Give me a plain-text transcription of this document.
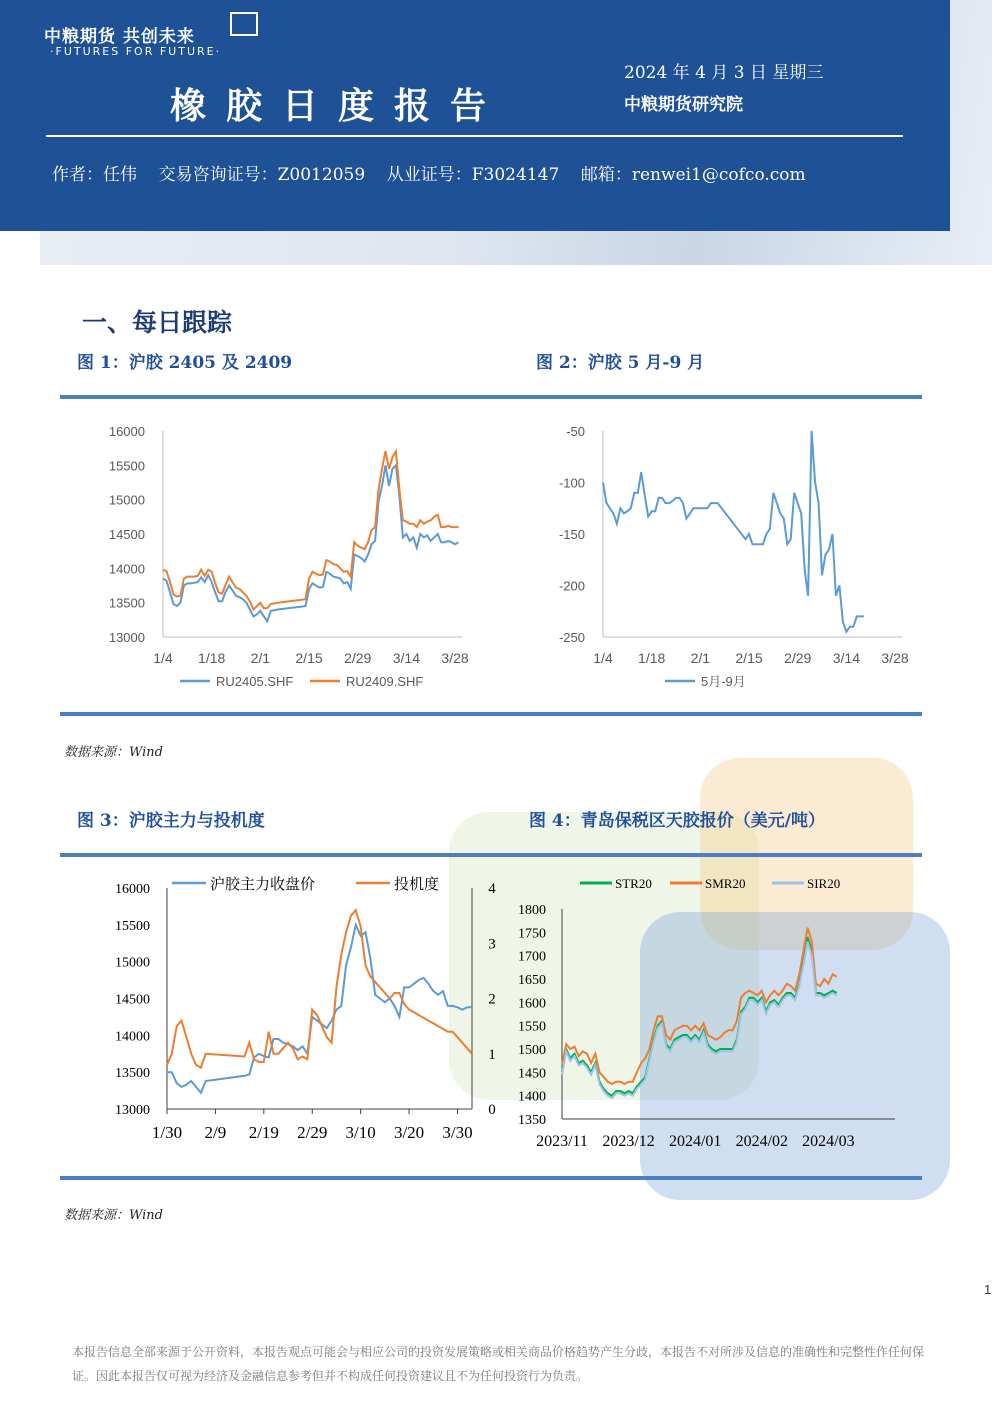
中粮期货 共创未来
·FUTURES FOR FUTURE·
橡胶日度报告
2024 年 4 月 3 日 星期三
中粮期货研究院
作者：任伟    交易咨询证号：Z0012059    从业证号：F3024147    邮箱：renwei1@cofco.com
一、每日跟踪
图 1：沪胶 2405 及 2409	图 2：沪胶 5 月-9 月
13000
13500
14000
14500
15000
15500
16000
1/4 1/18 2/1 2/15 2/29 3/14 3/28
RU2405.SHF	RU2409.SHF
-250
-200
-150
-100
-50
1/4 1/18 2/1 2/15 2/29 3/14 3/28
5月-9月
数据来源：Wind
图 3：沪胶主力与投机度	图 4：青岛保税区天胶报价（美元/吨）
13000
13500
14000
14500
15000
15500
16000
0
1
2
3
4
1/30 2/9 2/19 2/29 3/10 3/20 3/30
沪胶主力收盘价	投机度
1350
1400
1450
1500
1550
1600
1650
1700
1750
1800
2023/11 2023/12 2024/01 2024/02 2024/03
STR20	SMR20	SIR20
数据来源：Wind
1
本报告信息全部来源于公开资料，本报告观点可能会与相应公司的投资发展策略或相关商品价格趋势产生分歧，本报告不对所涉及信息的准确性和完整性作任何保证。因此本报告仅可视为经济及金融信息参考但并不构成任何投资建议且不为任何投资行为负责。
